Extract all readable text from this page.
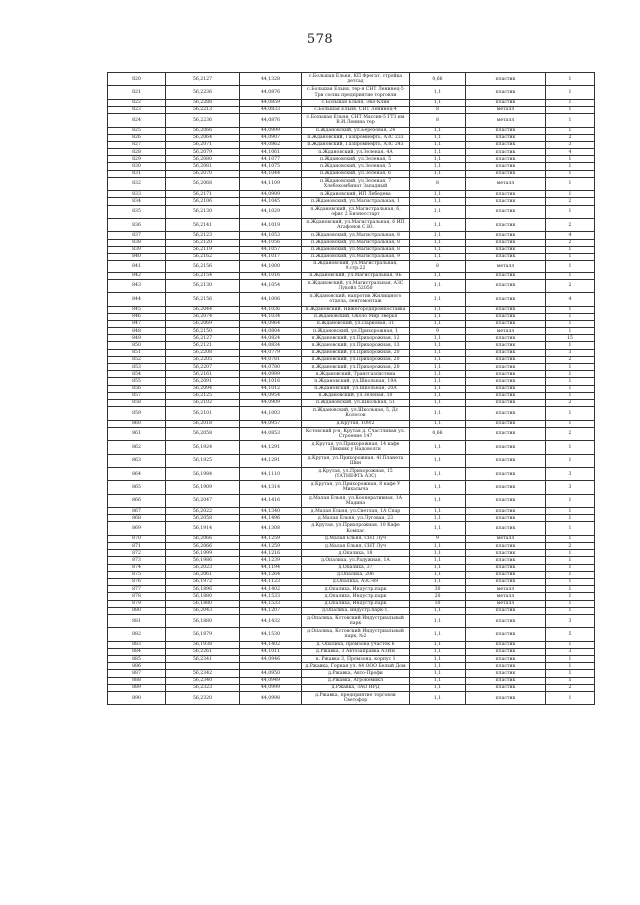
578
820	56,2127	44,1328	с.Большая Ельня, КП Фрегат, стройка детсад	0,66	пластик	1
821	56,2236	44,0876	с.Большая Ельня, тер-я СНТ Ленинец-5 Три сосны предприятие торговли	1,1	пластик	1
822	56,2288	44,0859	с.Большая Ельня, Эко-Клин	1,1	пластик	1
823	56,2213	44,0833	с.Большая Ельня, СНТ Ленинец-4	8	металл	1
824	56,2236	44,0876	с.Большая Ельня, СНТ Массив-5 ГТЗ им В.И.Ленина тер	8	металл	1
825	56,2066	44,0999	п.Ждановский, ул.Березовая, 24	1,1	пластик	1
826	56,2064	44,0907	п.Ждановский, Газпромнефть, АЗС 233	1,1	пластик	2
827	56,2071	44,0862	п.Ждановский, Газпромнефть, АЗС 243	1,1	пластик	3
828	56,2079	44,1061	п.Ждановский, ул.Зеленая, 4А	1,1	пластик	4
829	56,2080	44,1077	п.Ждановский, ул.Зеленая, 5	1,1	пластик	1
830	56,2081	44,1075	п.Ждановский, ул.Зеленая, 5	1,1	пластик	1
831	56,2070	44,1044	п.Ждановский, ул.Зеленая, 6	1,1	пластик	1
832	56,2068	44,1109	п.Ждановский, ул.Зеленая, 7 Хлебокомбинат Западный	8	металл	1
833	56,2171	44,0999	п.Ждановский, ИП Лебедева	1,1	пластик	1
834	56,2106	44,1045	п.Ждановский, ул.Магистральная, 1	1,1	пластик	2
835	56,2130	44,1029	п.Ждановский, ул.Магистральная, 6, офис 2 Бизнесстарт	1,1	пластик	1
836	56,2141	44,1019	п.Ждановский, ул.Магистральная, 6 ИП Агафонов С.Ю.	1,1	пластик	2
837	56,2123	44,1053	п.Ждановский, ул.Магистральная, 8	1,1	пластик	4
838	56,2120	44,1056	п.Ждановский, ул.Магистральная, 8	1,1	пластик	2
839	56,2119	44,1057	п.Ждановский, ул.Магистральная, 8	1,1	пластик	1
840	56,2162	44,1017	п.Ждановский, ул.Магистральная, 9	1,1	пластик	1
841	56,2156	44,1000	п.Ждановский, ул.Магистральная, 9,стр.22	8	металл	1
842	56,2154	44,1016	п.Ждановский, ул.Магистральная, 9Б	1,1	пластик	1
843	56,2130	44,1054	п.Ждановский, ул.Магистральная, АЗС Лукойл 52050	1,1	пластик	2
844	56,2156	44,1006	п.Ждановский, напротив Жилищного отдела, ленгомонтаж	1,1	пластик	4
845	56,2044	44,1036	п.Ждановский, Нижегородпромпоставка	1,1	пластик	1
846	56,2074	44,1034	п.Ждановский, Около Мир Зверья	1,1	пластик	1
847	56,2069	44,0964	п.Ждановский, ул.Парковая, 31	1,1	пластик	1
848	56,2150	44,0804	п.Ждановский, ул.Прихорожная, 1	9	металл	1
849	56,2127	44,0824	п.Ждановский, ул.Прихорожная, 12	1,1	пластик	15
850	56,2121	44,0834	п.Ждановский, ул.Прихорожная, 13	1,1	пластик	1
851	56,2208	44,0779	п.Ждановский, ул.Прихорожная, 20	1,1	пластик	3
852	56,2205	44,0781	п.Ждановский, ул.Прихорожная, 20	1,1	пластик	2
853	56,2207	44,0780	п.Ждановский, ул.Прихорожная, 20	1,1	пластик	1
854	56,2161	44,0999	п.Ждановский, Трансгазсистема	1,1	пластик	1
855	56,2091	44,1016	п.Ждановский, ул.Школьная, 19А	1,1	пластик	1
856	56,2094	44,1012	п.Ждановский, ул.Школьная, 20А	1,1	пластик	1
857	56,2125	44,0954	п.Ждановский, ул.Зеленая, 10	1,1	пластик	1
858	56,2102	44,0909	п.Ждановский, ул.Школьная, 51	1,1	пластик	2
859	56,2101	44,1003	п.Ждановский, ул.Школьная, 5, Дс Колосок	1,1	пластик	1
860	56,2018	44,0957	д.Крутая, 109/2	1,1	пластик	1
861	56,2058	44,0853	Кстовский р-н, Крутая д. Счастливая ул. Строение 147	0,66	пластик	2
862	56,1924	44,1291	д.Крутая, ул.Прихорожная, 14 кафе Пикник у Надоволги	1,1	пластик	1
863	56,1925	44,1291	д.Крутая, ул.Прихорожная, 4I Планета Шин	1,1	пластик	1
864	56,1984	44,1110	д.Крутая, ул.Прихорожная, 15 (ТАТНЕФТЬ АЗС)	1,1	пластик	3
865	56,1909	44,1314	д.Крутая, ул.Прихорожная, 8 кафе У Михалыча	1,1	пластик	3
866	56,2047	44,1416	д.Малая Ельня, ул.Кооперативная, 1А Мадина	1,1	пластик	1
867	56,2022	44,1340	д.Малая Ельня, ул.Светлая, 1А Спар	1,1	пластик	1
868	56,2058	44,1496	д.Малая Ельня, ул.Луговая, 23	1,1	пластик	1
869	56,1914	44,1308	д.Крутая, ул.Прихорожная, 10 Кафе Компас	1,1	пластик	1
870	56,2066	44,1259	д.Малая Ельня, СНТ Луч	9	металл	1
871	56,2066	44,1259	д.Малая Ельня, СНТ Луч	1,1	пластик	2
872	56,1999	44,1216	д.Опалиха, 18	1,1	пластик	1
873	56,1986	44,1239	д.Опалиха, ул.Радужная, 1А	1,1	пластик	1
874	56,2023	44,1194	д.Опалиха, 37	1,1	пластик	1
875	56,2061	44,1264	д.Опалиха, 206	1,1	пластик	1
876	56,1972	44,1123	д.Опалиха, АЗС-69	1,1	пластик	1
877	56,1896	44,1402	д.Опалиха, Индустр.парк	30	металл	1
878	56,1880	44,1533	д.Опалиха, Индустр.парк	20	металл	1
879	56,1880	44,1533	д.Опалиха, Индустр.парк	10	металл	1
880	56,2043	44,1207	д.Опалиха, индустр.парк-1,	1,1	пластик	1
881	56,1880	44,1432	д.Опалиха, Кстовский Индустриальный парк	1,1	пластик	3
882	56,1879	44,1530	д.Опалиха, Кстовский Индустриальный парк, №2	1,1	пластик	5
883	56,1938	44,1402	д. Опалиха, промзона участок 6	1,1	пластик	1
884	56,2261	44,1011	д.Ржавка, 3 Автозаправка АЗИЯ	1,1	пластик	3
885	56,2341	44,0946	п. Ржавка 3, Промзона, корпус 1	1,1	пластик	1
886			д.Ржавка, Горная ул. 44 ООО Белый Дом	1,1	пластик	1
887	56,2342	44,0950	д.Ржавка, Авто-Профи	1,1	пластик	1
888	56,2340	44,0949	д.Ржавка, Агрокемикл	1,1	пластик	5
889	56,2323	44,0999	д.Ржавка, ЗАО НРД	1,1	пластик	2
890	56,2320	44,0998	д.Ржавка, предприятие торговли Светофор	1,1	пластик	1
